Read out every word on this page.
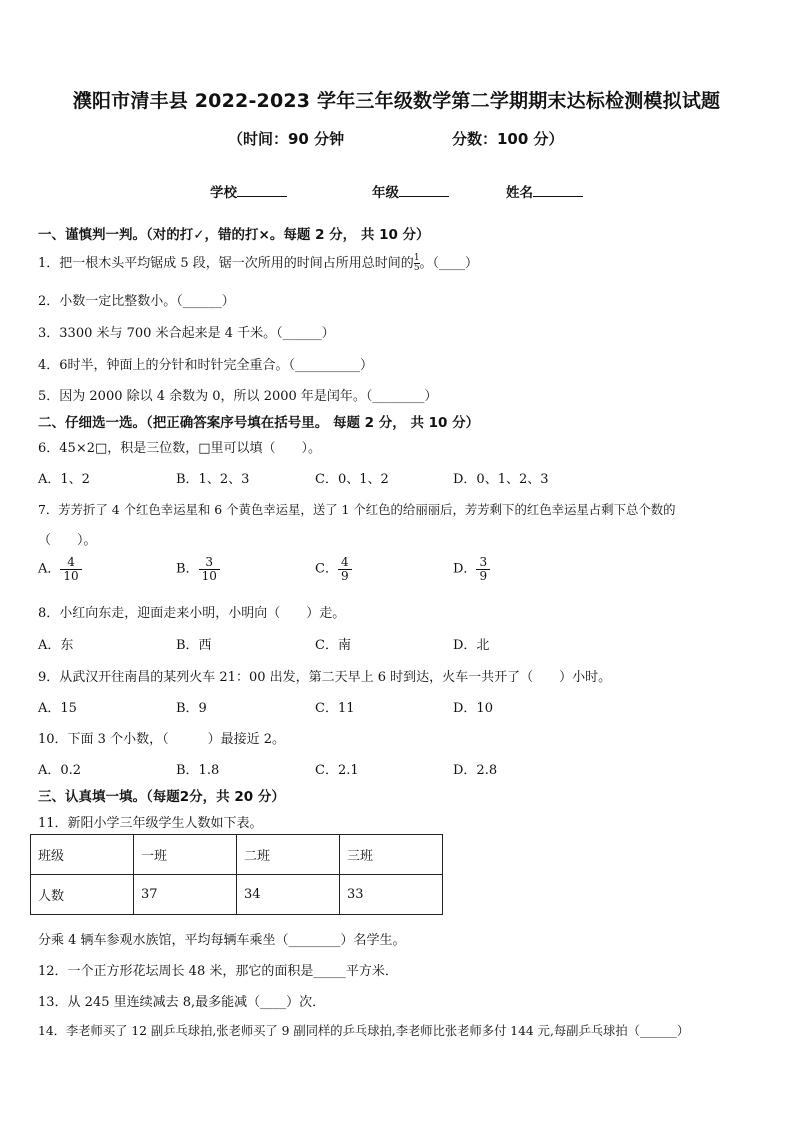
濮阳市清丰县 2022-2023 学年三年级数学第二学期期末达标检测模拟试题
（时间：90 分钟	分数：100 分）
学校	年级	姓名
一、谨慎判一判。（对的打✓，错的打×。每题 2 分， 共 10 分）
1．把一根木头平均锯成 5 段，锯一次所用的时间占所用总时间的 $\frac{1}{5}$ 。（____）
2．小数一定比整数小。（______）
3．3300 米与 700 米合起来是 4 千米。（______）
4．6时半，钟面上的分针和时针完全重合。（__________）
5．因为 2000 除以 4 余数为 0，所以 2000 年是闰年。（________）
二、仔细选一选。（把正确答案序号填在括号里。 每题 2 分， 共 10 分）
6．45×2□，积是三位数，□里可以填（　　）。
A．1、2	B．1、2、3	C．0、1、2	D．0、1、2、3
7．芳芳折了 4 个红色幸运星和 6 个黄色幸运星，送了 1 个红色的给丽丽后，芳芳剩下的红色幸运星占剩下总个数的
（　　）。
A． $\frac{4}{10}$	B． $\frac{3}{10}$	C． $\frac{4}{9}$	D． $\frac{3}{9}$
8．小红向东走，迎面走来小明，小明向（　　）走。
A．东	B．西	C．南	D．北
9．从武汉开往南昌的某列火车 21：00 出发，第二天早上 6 时到达，火车一共开了（　　）小时。
A．15	B．9	C．11	D．10
10．下面 3 个小数，（　　　）最接近 2。
A．0.2	B．1.8	C．2.1	D．2.8
三、认真填一填。（每题2分，共 20 分）
11．新阳小学三年级学生人数如下表。
班级	一班	二班	三班
人数	37	34	33
分乘 4 辆车参观水族馆，平均每辆车乘坐（________）名学生。
12．一个正方形花坛周长 48 米，那它的面积是_____平方米．
13．从 245 里连续减去 8,最多能减（____）次．
14．李老师买了 12 副乒乓球拍,张老师买了 9 副同样的乒乓球拍,李老师比张老师多付 144 元,每副乒乓球拍（______）
